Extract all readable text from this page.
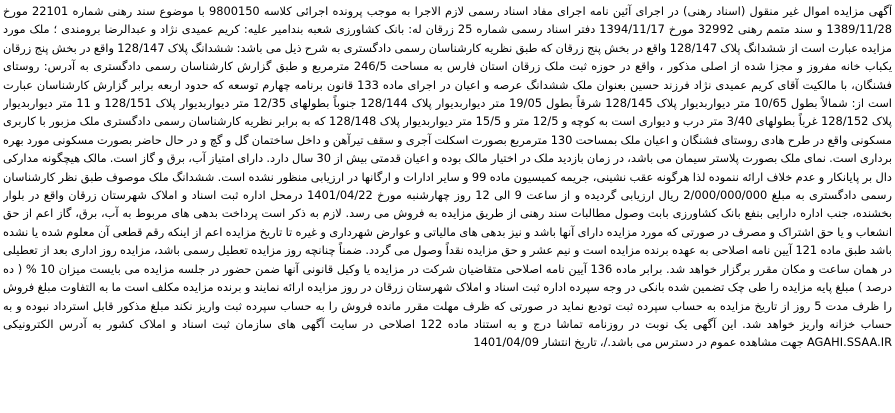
آگهی مزایده اموال غیر منقول (اسناد رهنی) در اجرای آئین نامه اجرای مفاد اسناد رسمی لازم الاجرا به موجب پرونده اجرائی کلاسه 9800150 با موضوع سند رهنی شماره 22101 مورخ 1389/11/28 و سند متمم رهنی 32992 مورخ 1394/11/17 دفتر اسناد رسمی شماره 25 زرقان له: بانک کشاورزی شعبه بندامیر علیه: کریم عمیدی نژاد و عبدالرضا برومندی ؛ ملک مورد مزایده عبارت است از ششدانگ پلاک 128/147 واقع در بخش پنج زرقان که طبق نظریه کارشناسان رسمی دادگستری به شرح ذیل می باشد: ششدانگ پلاک 128/147 واقع در بخش پنج زرقان یکباب خانه مفروز و مجزا شده از اصلی مذکور ، واقع در حوزه ثبت ملک زرقان استان فارس به مساحت 246/5 مترمربع و طبق گزارش کارشناسان رسمی دادگستری به آدرس: روستای فشنگان، با مالکیت آقای کریم عمیدی نژاد فرزند حسین بعنوان ملک ششدانگ عرصه و اعیان در اجرای ماده 133 قانون برنامه چهارم توسعه که حدود اربعه برابر گزارش کارشناسان عبارت است از: شمالاً بطول 10/65 متر دیواربدیوار پلاک 128/145 شرقاً بطول 19/05 متر دیواربدیوار پلاک 128/144 جنوباً بطولهای 12/35 متر دیواربدیوار پلاک 128/151 و 11 متر دیواربدیوار پلاک 128/152 غرباً بطولهای 3/40 متر درب و دیواری است به کوچه و 12/5 متر و 15/5 متر دیواربدیوار پلاک 128/148 که به برابر نظریه کارشناسان رسمی دادگستری ملک مزبور با کاربری مسکونی واقع در طرح هادی روستای فشنگان و اعیان ملک بمساحت 130 مترمربع بصورت اسکلت آجری و سقف تیرآهن و داخل ساختمان گل و گچ و در حال حاضر بصورت مسکونی مورد بهره برداری است. نمای ملک بصورت پلاستر سیمان می باشد، در زمان بازدید ملک در اختیار مالک بوده و اعیان قدمتی بیش از 30 سال دارد. دارای امتیاز آب، برق و گاز است. مالک هیچگونه مدارکی دال بر پایانکار و عدم خلاف ارائه ننموده لذا هرگونه عقب نشینی، جریمه کمیسیون ماده 99 و سایر ادارات و ارگانها در ارزیابی منظور نشده است. ششدانگ ملک موصوف طبق نظر کارشناسان رسمی دادگستری به مبلغ 2/000/000/000 ریال ارزیابی گردیده و از ساعت 9 الی 12 روز چهارشنبه مورخ 1401/04/22 درمحل اداره ثبت اسناد و املاک شهرستان زرقان واقع در بلوار بخشنده، جنب اداره دارایی بنفع بانک کشاورزی بابت وصول مطالبات سند رهنی از طریق مزایده به فروش می رسد. لازم به ذکر است پرداخت بدهی های مربوط به آب، برق، گاز اعم از حق انشعاب و یا حق اشتراک و مصرف در صورتی که مورد مزایده دارای آنها باشد و نیز بدهی های مالیاتی و عوارض شهرداری و غیره تا تاریخ مزایده اعم از اینکه رقم قطعی آن معلوم شده یا نشده باشد طبق ماده 121 آیین نامه اصلاحی به عهده برنده مزایده است و نیم عشر و حق مزایده نقداً وصول می گردد. ضمناً چنانچه روز مزایده تعطیل رسمی باشد، مزایده روز اداری بعد از تعطیلی در همان ساعت و مکان مقرر برگزار خواهد شد. برابر ماده 136 آیین نامه اصلاحی متقاضیان شرکت در مزایده یا وکیل قانونی آنها ضمن حضور در جلسه مزایده می بایست میزان 10 % ( ده درصد ) مبلغ پایه مزایده را طی چک تضمین شده بانکی در وجه سپرده اداره ثبت اسناد و املاک شهرستان زرقان در روز مزایده ارائه نمایند و برنده مزایده مکلف است ما به التفاوت مبلغ فروش را ظرف مدت 5 روز از تاریخ مزایده به حساب سپرده ثبت تودیع نماید در صورتی که ظرف مهلت مقرر مانده فروش را به حساب سپرده ثبت واریز نکند مبلغ مذکور قابل استرداد نبوده و به حساب خزانه واریز خواهد شد. این آگهی یک نوبت در روزنامه تماشا درج و به استناد ماده 122 اصلاحی در سایت آگهی های سازمان ثبت اسناد و املاک کشور به آدرس الکترونیکی AGAHI.SSAA.IR جهت مشاهده عموم در دسترس می باشد./، تاریخ انتشار 1401/04/09
